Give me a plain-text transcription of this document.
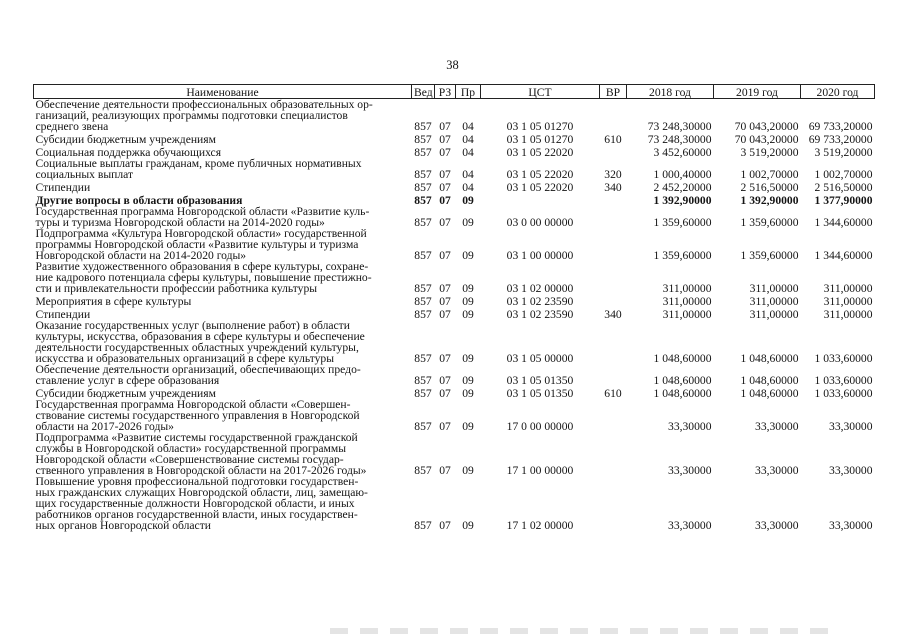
38
Наименование	Вед	РЗ	Пр	ЦСТ	ВР	2018 год	2019 год	2020 год

Обеспечение деятельности профессиональных образовательных ор-
ганизаций, реализующих программы подготовки специалистов
среднего звена	857	07	04	03 1 05 01270		73 248,30000	70 043,20000	69 733,20000

Субсидии бюджетным учреждениям	857	07	04	03 1 05 01270	610	73 248,30000	70 043,20000	69 733,20000

Социальная поддержка обучающихся	857	07	04	03 1 05 22020		3 452,60000	3 519,20000	3 519,20000

Социальные выплаты гражданам, кроме публичных нормативных
социальных выплат	857	07	04	03 1 05 22020	320	1 000,40000	1 002,70000	1 002,70000

Стипендии	857	07	04	03 1 05 22020	340	2 452,20000	2 516,50000	2 516,50000

Другие вопросы в области образования	857	07	09			1 392,90000	1 392,90000	1 377,90000

Государственная программа Новгородской области «Развитие куль-
туры и туризма Новгородской области на 2014-2020 годы»	857	07	09	03 0 00 00000		1 359,60000	1 359,60000	1 344,60000

Подпрограмма «Культура Новгородской области» государственной
программы Новгородской области «Развитие культуры и туризма
Новгородской области на 2014-2020 годы»	857	07	09	03 1 00 00000		1 359,60000	1 359,60000	1 344,60000

Развитие художественного образования в сфере культуры, сохране-
ние кадрового потенциала сферы культуры, повышение престижно-
сти и привлекательности профессии работника культуры	857	07	09	03 1 02 00000		311,00000	311,00000	311,00000

Мероприятия в сфере культуры	857	07	09	03 1 02 23590		311,00000	311,00000	311,00000

Стипендии	857	07	09	03 1 02 23590	340	311,00000	311,00000	311,00000

Оказание государственных услуг (выполнение работ) в области
культуры, искусства, образования в сфере культуры и обеспечение
деятельности государственных областных учреждений культуры,
искусства и образовательных организаций в сфере культуры	857	07	09	03 1 05 00000		1 048,60000	1 048,60000	1 033,60000

Обеспечение деятельности организаций, обеспечивающих предо-
ставление услуг в сфере образования	857	07	09	03 1 05 01350		1 048,60000	1 048,60000	1 033,60000

Субсидии бюджетным учреждениям	857	07	09	03 1 05 01350	610	1 048,60000	1 048,60000	1 033,60000

Государственная программа Новгородской области «Совершен-
ствование системы государственного управления в Новгородской
области на 2017-2026 годы»	857	07	09	17 0 00 00000		33,30000	33,30000	33,30000

Подпрограмма «Развитие системы государственной гражданской
службы в Новгородской области» государственной программы
Новгородской области «Совершенствование системы государ-
ственного управления в Новгородской области на 2017-2026 годы»	857	07	09	17 1 00 00000		33,30000	33,30000	33,30000

Повышение уровня профессиональной подготовки государствен-
ных гражданских служащих Новгородской области, лиц, замещаю-
щих государственные должности Новгородской области, и иных
работников органов государственной власти, иных государствен-
ных органов Новгородской области	857	07	09	17 1 02 00000		33,30000	33,30000	33,30000
